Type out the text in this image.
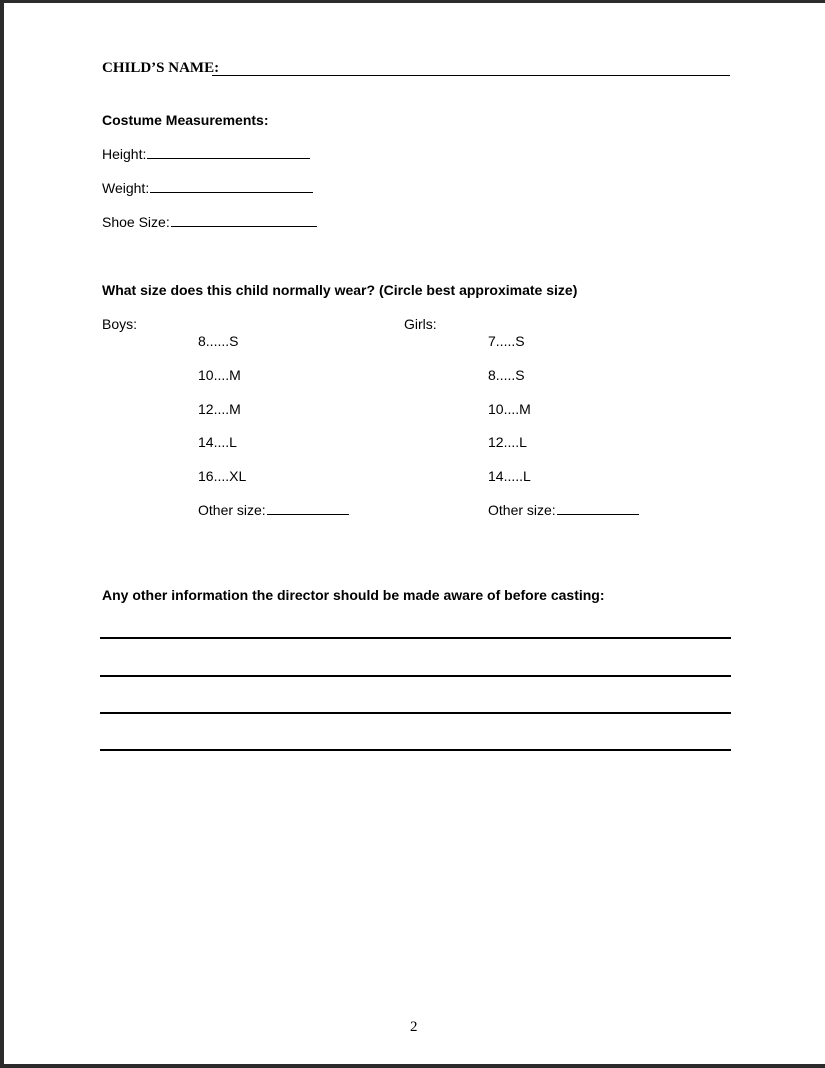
CHILD’S NAME:
Costume Measurements:
Height:
Weight:
Shoe Size:
What size does this child normally wear? (Circle best approximate size)
Boys:
8......S
10....M
12....M
14....L
16....XL
Other size:
Girls:
7.....S
8.....S
10....M
12....L
14.....L
Other size:
Any other information the director should be made aware of before casting:
2
